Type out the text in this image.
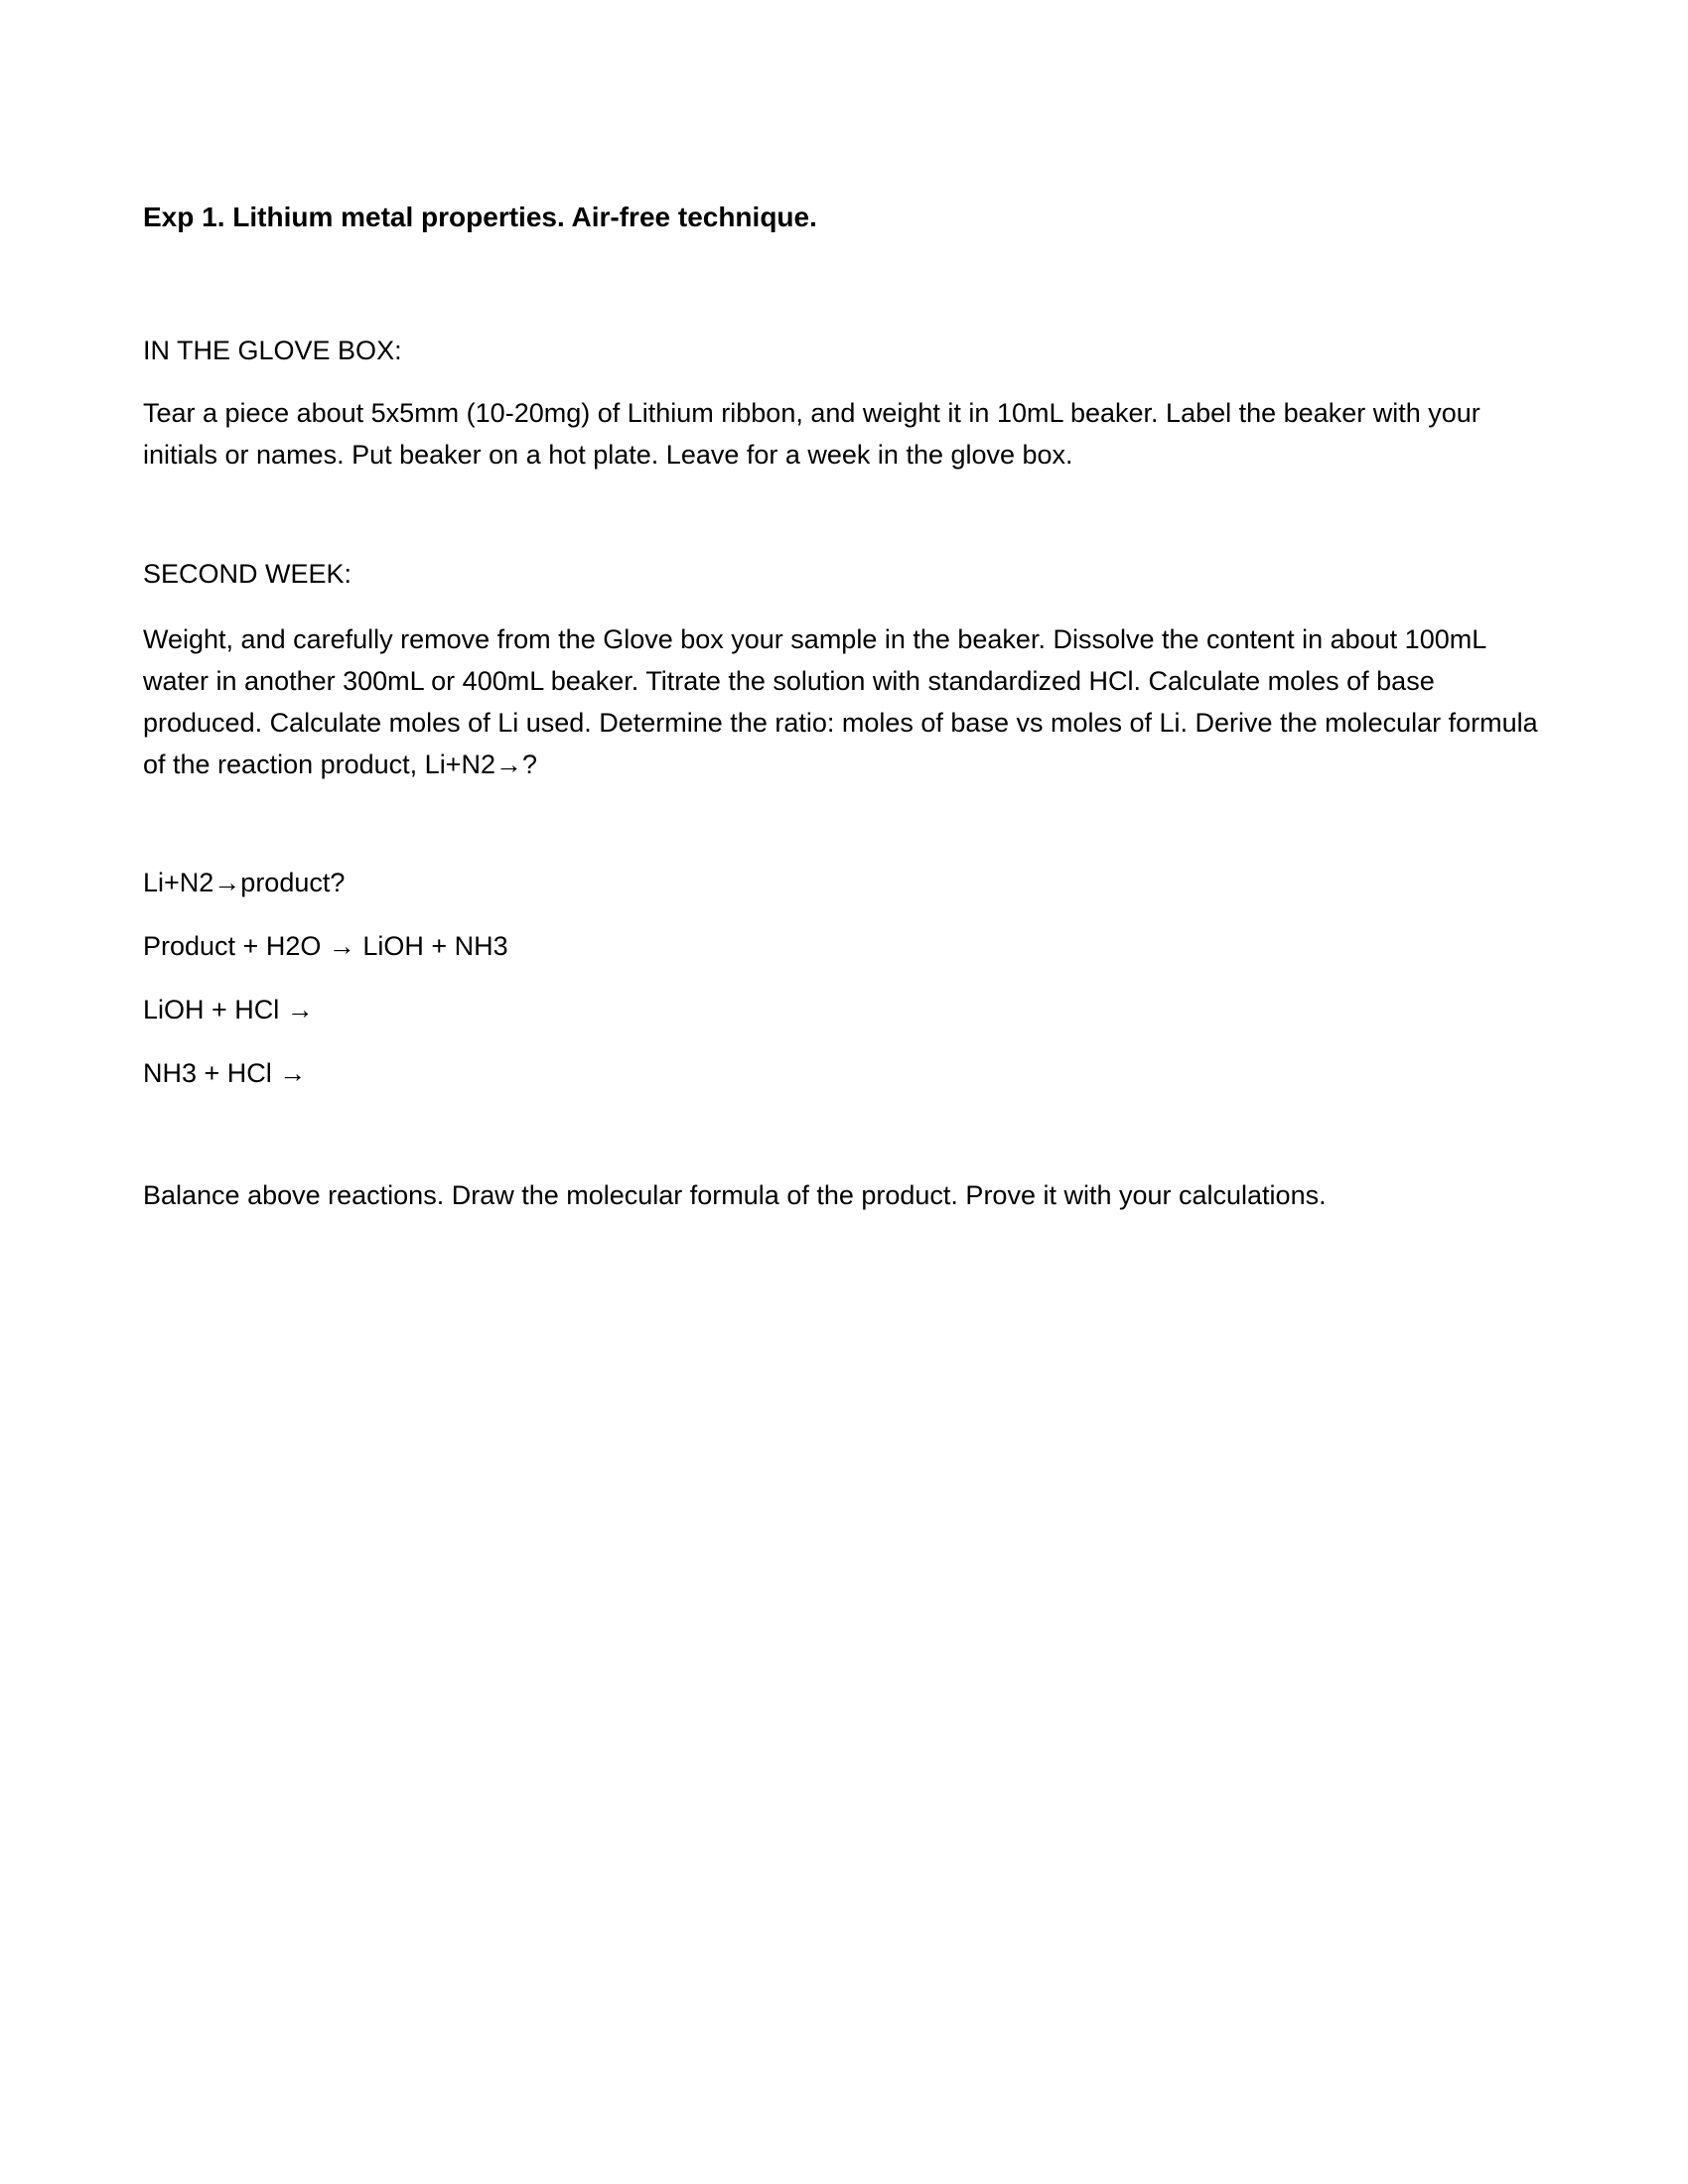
Exp 1. Lithium metal properties. Air-free technique.

IN THE GLOVE BOX:

Tear a piece about 5x5mm (10-20mg) of Lithium ribbon, and weight it in 10mL beaker. Label the beaker with your initials or names. Put beaker on a hot plate. Leave for a week in the glove box.

SECOND WEEK:

Weight, and carefully remove from the Glove box your sample in the beaker. Dissolve the content in about 100mL water in another 300mL or 400mL beaker. Titrate the solution with standardized HCl. Calculate moles of base produced. Calculate moles of Li used. Determine the ratio: moles of base vs moles of Li. Derive the molecular formula of the reaction product, Li+N2→?

Li+N2→product?

Product + H2O → LiOH + NH3

LiOH + HCl →

NH3 + HCl →

Balance above reactions. Draw the molecular formula of the product. Prove it with your calculations.
